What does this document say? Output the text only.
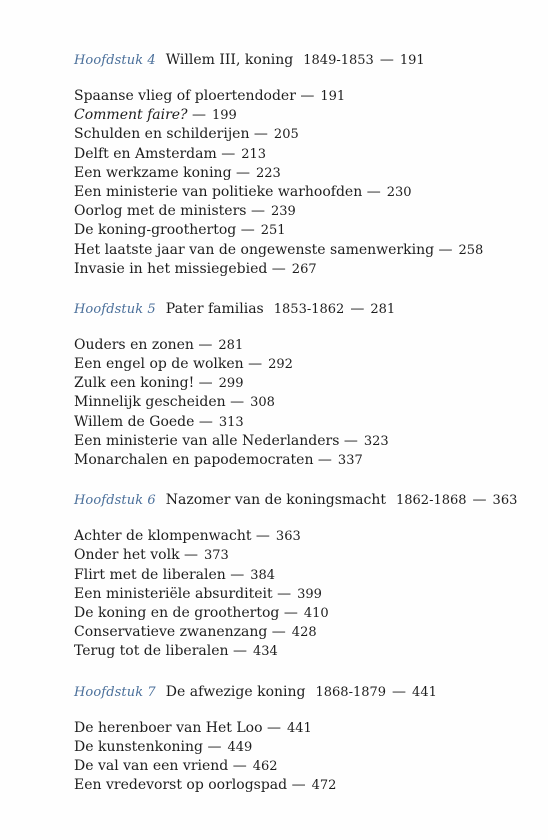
Hoofdstuk 4 Willem III, koning 1849-1853 — 191
Spaanse vlieg of ploertendoder — 191
Comment faire? — 199
Schulden en schilderijen — 205
Delft en Amsterdam — 213
Een werkzame koning — 223
Een ministerie van politieke warhoofden — 230
Oorlog met de ministers — 239
De koning-groothertog — 251
Het laatste jaar van de ongewenste samenwerking — 258
Invasie in het missiegebied — 267
Hoofdstuk 5 Pater familias 1853-1862 — 281
Ouders en zonen — 281
Een engel op de wolken — 292
Zulk een koning! — 299
Minnelijk gescheiden — 308
Willem de Goede — 313
Een ministerie van alle Nederlanders — 323
Monarchalen en papodemocraten — 337
Hoofdstuk 6 Nazomer van de koningsmacht 1862-1868 — 363
Achter de klompenwacht — 363
Onder het volk — 373
Flirt met de liberalen — 384
Een ministeriële absurditeit — 399
De koning en de groothertog — 410
Conservatieve zwanenzang — 428
Terug tot de liberalen — 434
Hoofdstuk 7 De afwezige koning 1868-1879 — 441
De herenboer van Het Loo — 441
De kunstenkoning — 449
De val van een vriend — 462
Een vredevorst op oorlogspad — 472
